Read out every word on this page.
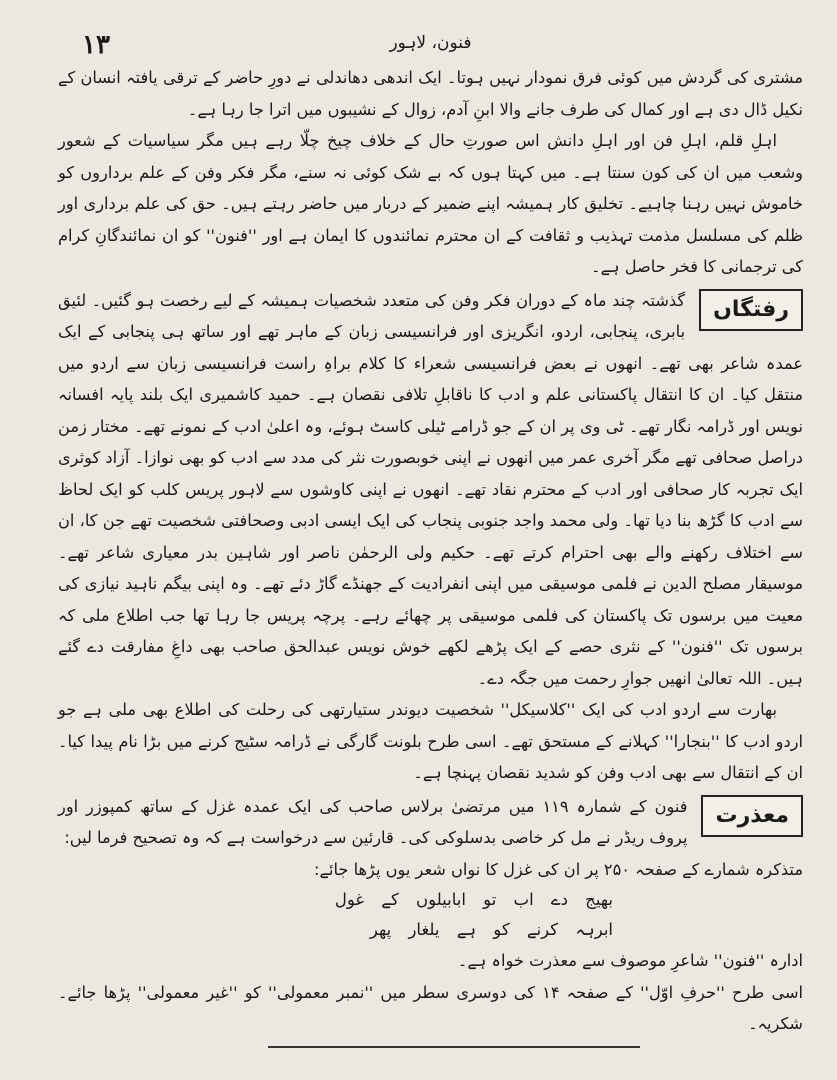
۱۳	فنون، لاہور

مشتری کی گردش میں کوئی فرق نمودار نہیں ہوتا۔ ایک اندھی دھاندلی نے دورِ حاضر کے ترقی یافتہ انسان کے نکیل ڈال دی ہے اور کمال کی طرف جانے والا ابنِ آدم، زوال کے نشیبوں میں اترا جا رہا ہے۔

اہلِ قلم، اہلِ فن اور اہلِ دانش اس صورتِ حال کے خلاف چیخ چلّا رہے ہیں مگر سیاسیات کے شعور وشعب میں ان کی کون سنتا ہے۔ میں کہتا ہوں کہ بے شک کوئی نہ سنے، مگر فکر وفن کے علم برداروں کو خاموش نہیں رہنا چاہیے۔ تخلیق کار ہمیشہ اپنے ضمیر کے دربار میں حاضر رہتے ہیں۔ حق کی علم برداری اور ظلم کی مسلسل مذمت تہذیب و ثقافت کے ان محترم نمائندوں کا ایمان ہے اور ''فنون'' کو ان نمائندگانِ کرام کی ترجمانی کا فخر حاصل ہے۔

رفتگاں

گذشتہ چند ماہ کے دوران فکر وفن کی متعدد شخصیات ہمیشہ کے لیے رخصت ہو گئیں۔ لئیق بابری، پنجابی، اردو، انگریزی اور فرانسیسی زبان کے ماہر تھے اور ساتھ ہی پنجابی کے ایک عمدہ شاعر بھی تھے۔ انھوں نے بعض فرانسیسی شعراء کا کلام براہِ راست فرانسیسی زبان سے اردو میں منتقل کیا۔ ان کا انتقال پاکستانی علم و ادب کا ناقابلِ تلافی نقصان ہے۔ حمید کاشمیری ایک بلند پایہ افسانہ نویس اور ڈرامہ نگار تھے۔ ٹی وی پر ان کے جو ڈرامے ٹیلی کاسٹ ہوئے، وہ اعلیٰ ادب کے نمونے تھے۔ مختار زمن دراصل صحافی تھے مگر آخری عمر میں انھوں نے اپنی خوبصورت نثر کی مدد سے ادب کو بھی نوازا۔ آزاد کوثری ایک تجربہ کار صحافی اور ادب کے محترم نقاد تھے۔ انھوں نے اپنی کاوشوں سے لاہور پریس کلب کو ایک لحاظ سے ادب کا گڑھ بنا دیا تھا۔ ولی محمد واجد جنوبی پنجاب کی ایک ایسی ادبی وصحافتی شخصیت تھے جن کا، ان سے اختلاف رکھنے والے بھی احترام کرتے تھے۔ حکیم ولی الرحمٰن ناصر اور شاہین بدر معیاری شاعر تھے۔ موسیقار مصلح الدین نے فلمی موسیقی میں اپنی انفرادیت کے جھنڈے گاڑ دئے تھے۔ وہ اپنی بیگم ناہید نیازی کی معیت میں برسوں تک پاکستان کی فلمی موسیقی پر چھائے رہے۔ پرچہ پریس جا رہا تھا جب اطلاع ملی کہ برسوں تک ''فنون'' کے نثری حصے کے ایک پڑھے لکھے خوش نویس عبدالحق صاحب بھی داغِ مفارقت دے گئے ہیں۔ اللہ تعالیٰ انھیں جوارِ رحمت میں جگہ دے۔

بھارت سے اردو ادب کی ایک ''کلاسیکل'' شخصیت دیوندر ستیارتھی کی رحلت کی اطلاع بھی ملی ہے جو اردو ادب کا ''بنجارا'' کہلانے کے مستحق تھے۔ اسی طرح بلونت گارگی نے ڈرامہ سٹیج کرنے میں بڑا نام پیدا کیا۔ ان کے انتقال سے بھی ادب وفن کو شدید نقصان پہنچا ہے۔

معذرت

فنون کے شمارہ ۱۱۹ میں مرتضیٰ برلاس صاحب کی ایک عمدہ غزل کے ساتھ کمپوزر اور پروف ریڈر نے مل کر خاصی بدسلوکی کی۔ قارئین سے درخواست ہے کہ وہ تصحیح فرما لیں:

متذکرہ شمارے کے صفحہ ۲۵۰ پر ان کی غزل کا نواں شعر یوں پڑھا جائے:

بھیج دے اب تو ابابیلوں کے غول
ابرہہ کرنے کو ہے یلغار پھر

ادارہ ''فنون'' شاعرِ موصوف سے معذرت خواہ ہے۔

اسی طرح ''حرفِ اوّل'' کے صفحہ ۱۴ کی دوسری سطر میں ''نمبر معمولی'' کو ''غیر معمولی'' پڑھا جائے۔ شکریہ۔
